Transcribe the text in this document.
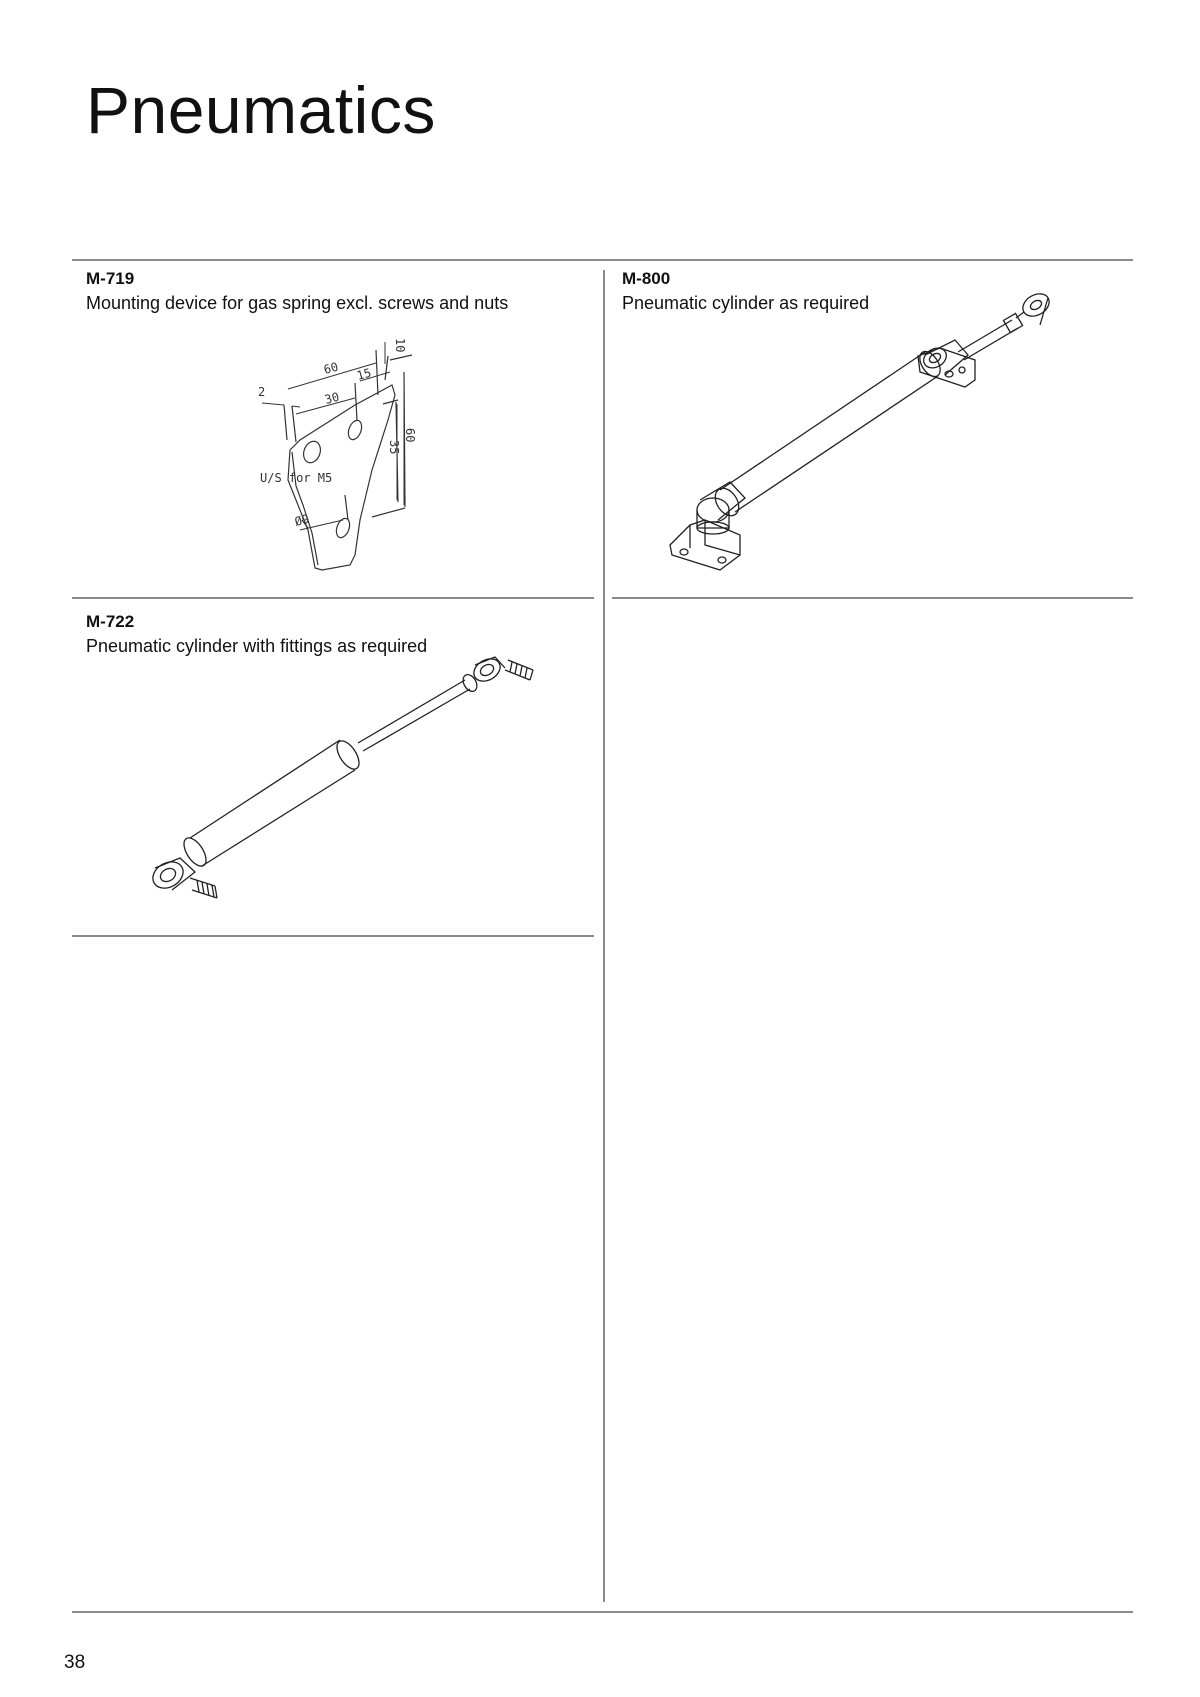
Pneumatics
M-719
Mounting device for gas spring excl. screws and nuts
2
60
30
15
10
35
60
U/S for M5
Ø9
M-800
Pneumatic cylinder as required
M-722
Pneumatic cylinder with fittings as required
38
